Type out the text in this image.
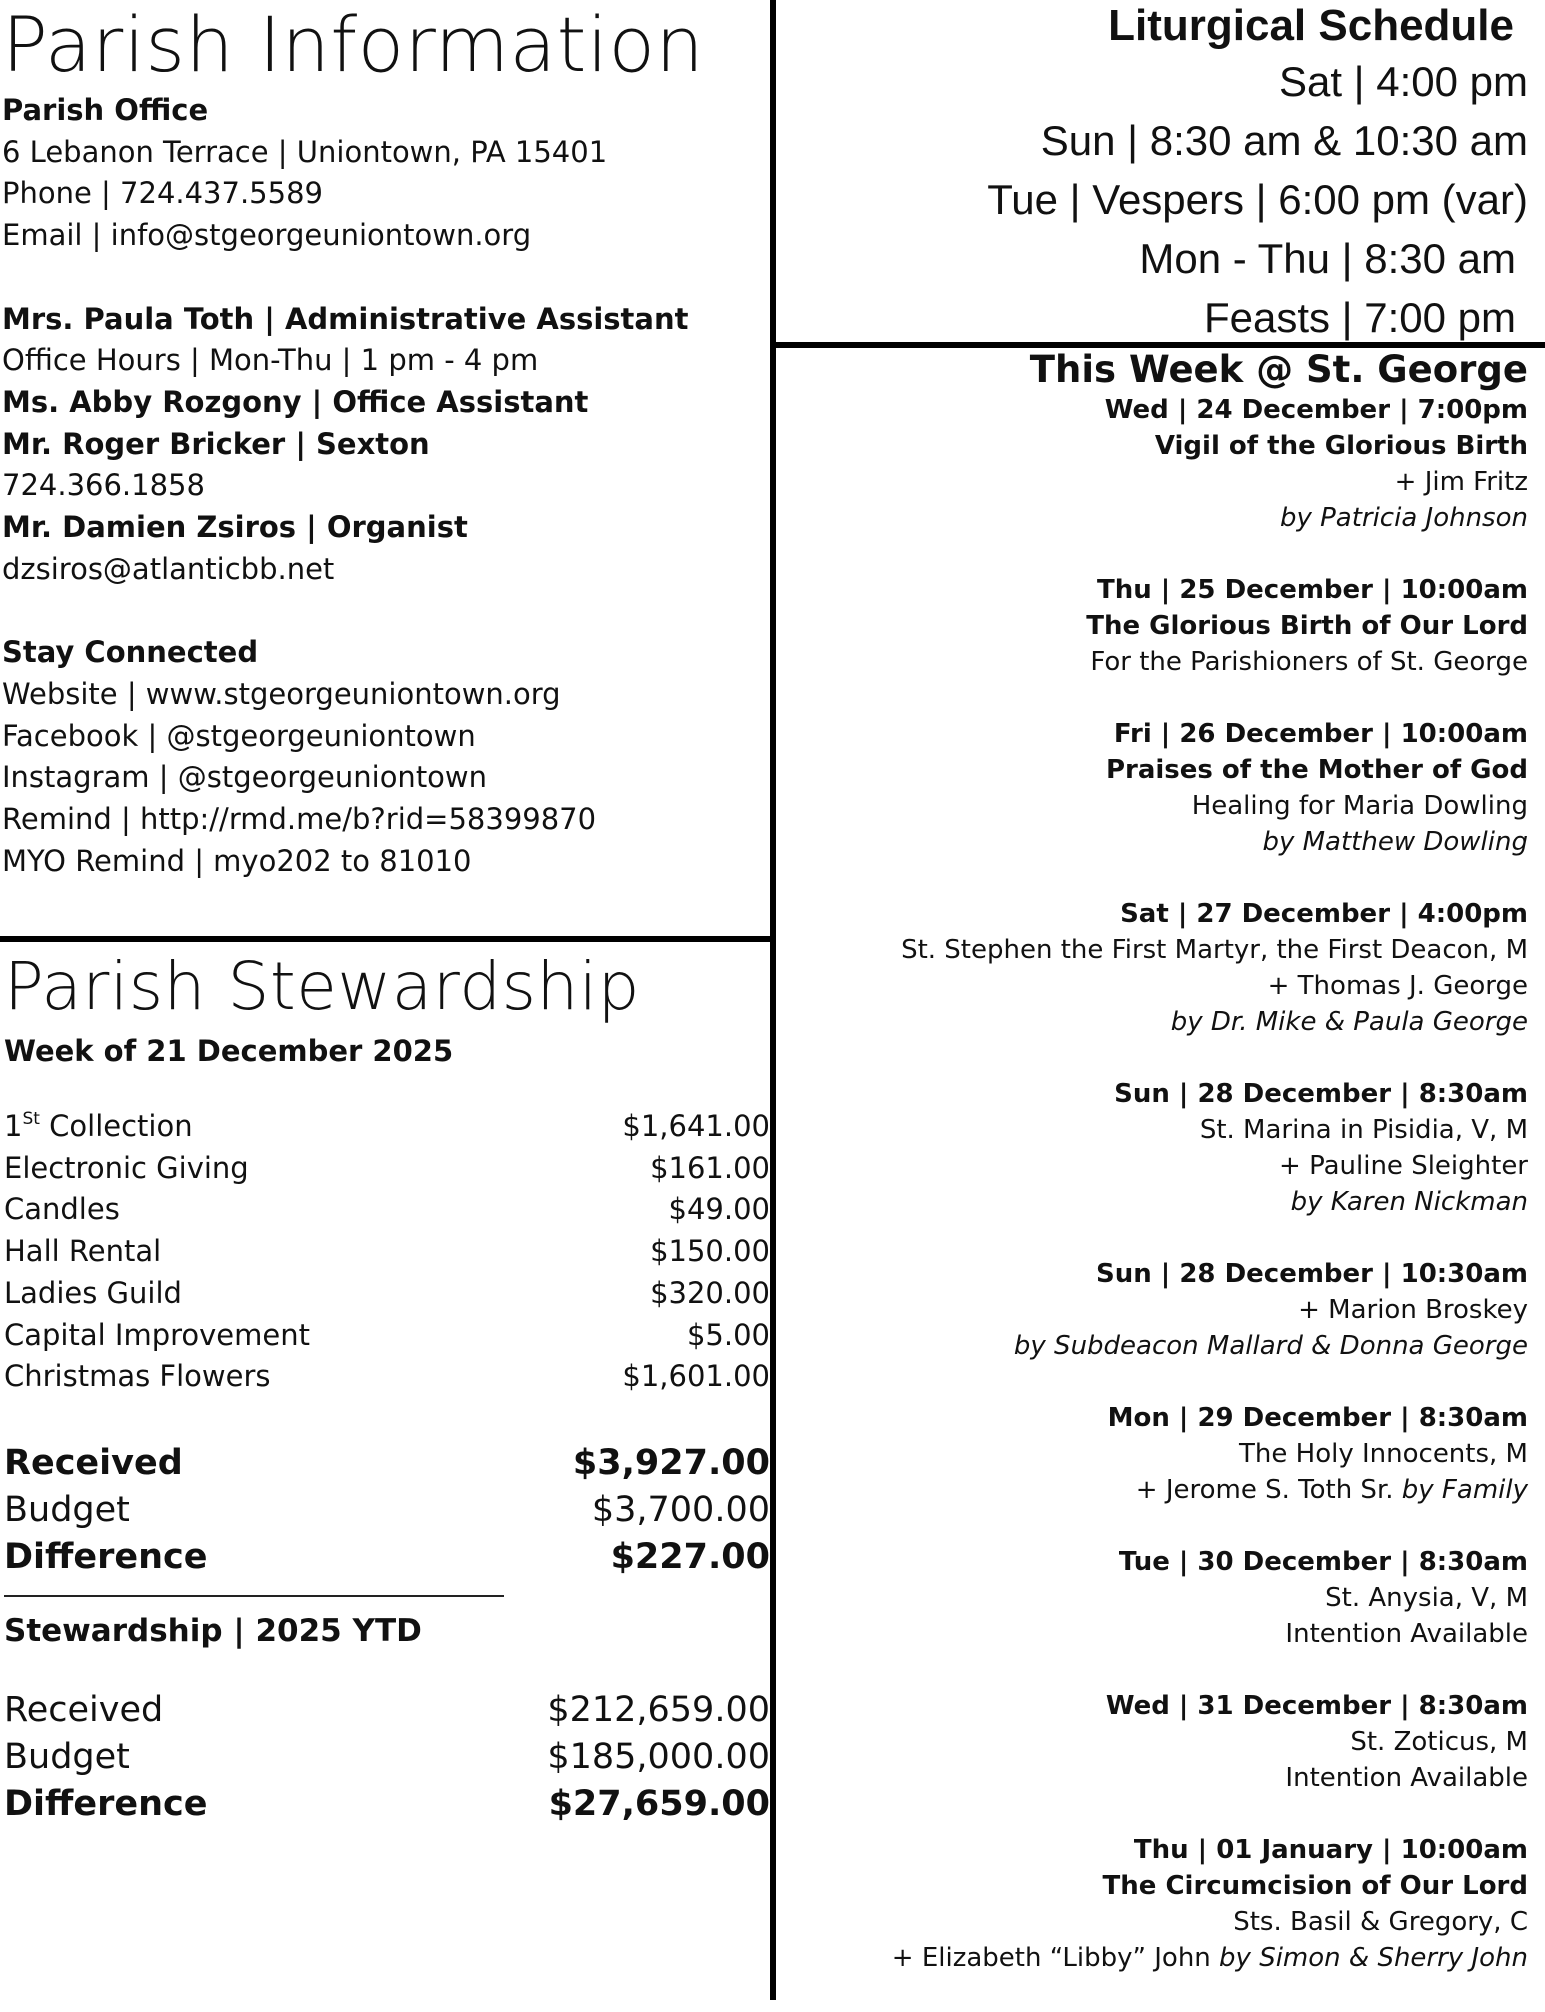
Parish Information
Parish Office
6 Lebanon Terrace | Uniontown, PA 15401
Phone | 724.437.5589
Email | info@stgeorgeuniontown.org
Mrs. Paula Toth | Administrative Assistant
Office Hours | Mon-Thu | 1 pm - 4 pm
Ms. Abby Rozgony | Office Assistant
Mr. Roger Bricker | Sexton
724.366.1858
Mr. Damien Zsiros | Organist
dzsiros@atlanticbb.net
Stay Connected
Website | www.stgeorgeuniontown.org
Facebook | @stgeorgeuniontown
Instagram | @stgeorgeuniontown
Remind | http://rmd.me/b?rid=58399870
MYO Remind | myo202 to 81010
Parish Stewardship
Week of 21 December 2025
1St Collection	$1,641.00
Electronic Giving	$161.00
Candles	$49.00
Hall Rental	$150.00
Ladies Guild	$320.00
Capital Improvement	$5.00
Christmas Flowers	$1,601.00
Received	$3,927.00
Budget	$3,700.00
Difference	$227.00
Stewardship | 2025 YTD
Received	$212,659.00
Budget	$185,000.00
Difference	$27,659.00
Liturgical Schedule
Sat | 4:00 pm
Sun | 8:30 am & 10:30 am
Tue | Vespers | 6:00 pm (var)
Mon - Thu | 8:30 am
Feasts | 7:00 pm
This Week @ St. George
Wed | 24 December | 7:00pm
Vigil of the Glorious Birth
+ Jim Fritz
by Patricia Johnson
Thu | 25 December | 10:00am
The Glorious Birth of Our Lord
For the Parishioners of St. George
Fri | 26 December | 10:00am
Praises of the Mother of God
Healing for Maria Dowling
by Matthew Dowling
Sat | 27 December | 4:00pm
St. Stephen the First Martyr, the First Deacon, M
+ Thomas J. George
by Dr. Mike & Paula George
Sun | 28 December | 8:30am
St. Marina in Pisidia, V, M
+ Pauline Sleighter
by Karen Nickman
Sun | 28 December | 10:30am
+ Marion Broskey
by Subdeacon Mallard & Donna George
Mon | 29 December | 8:30am
The Holy Innocents, M
+ Jerome S. Toth Sr. by Family
Tue | 30 December | 8:30am
St. Anysia, V, M
Intention Available
Wed | 31 December | 8:30am
St. Zoticus, M
Intention Available
Thu | 01 January | 10:00am
The Circumcision of Our Lord
Sts. Basil & Gregory, C
+ Elizabeth “Libby” John by Simon & Sherry John
